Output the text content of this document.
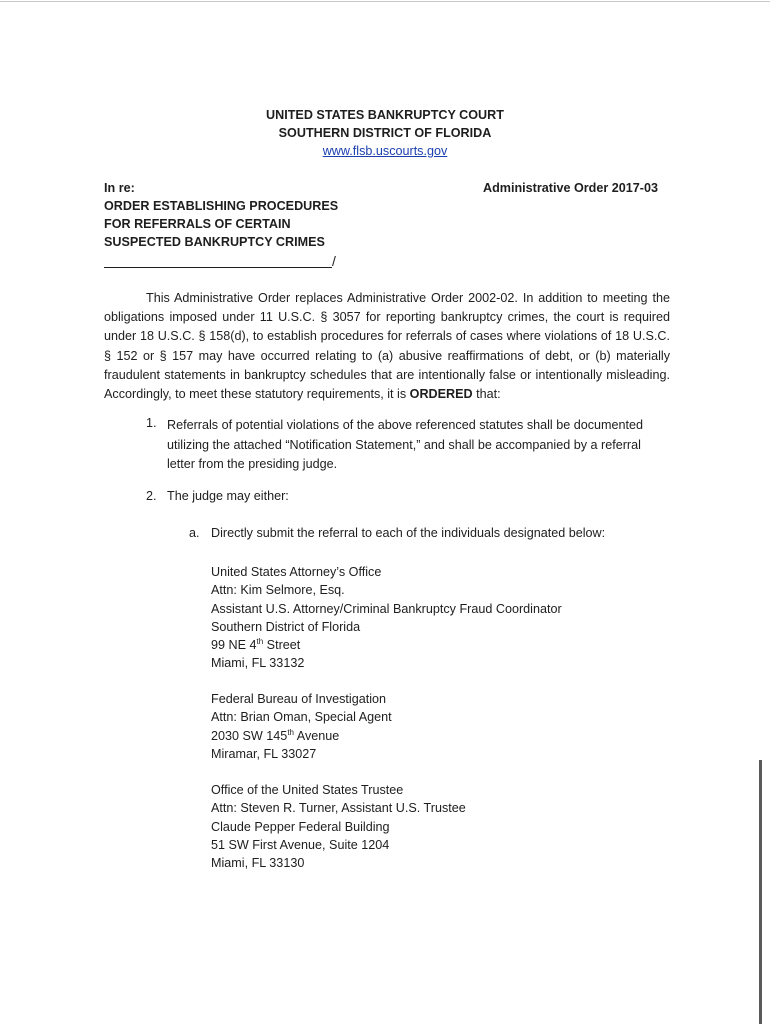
UNITED STATES BANKRUPTCY COURT
SOUTHERN DISTRICT OF FLORIDA
www.flsb.uscourts.gov
In re:	Administrative Order 2017-03
ORDER ESTABLISHING PROCEDURES
FOR REFERRALS OF CERTAIN
SUSPECTED BANKRUPTCY CRIMES
/

This Administrative Order replaces Administrative Order 2002-02. In addition to meeting the obligations imposed under 11 U.S.C. § 3057 for reporting bankruptcy crimes, the court is required under 18 U.S.C. § 158(d), to establish procedures for referrals of cases where violations of 18 U.S.C. § 152 or § 157 may have occurred relating to (a) abusive reaffirmations of debt, or (b) materially fraudulent statements in bankruptcy schedules that are intentionally false or intentionally misleading. Accordingly, to meet these statutory requirements, it is ORDERED that:

1. Referrals of potential violations of the above referenced statutes shall be documented
utilizing the attached “Notification Statement,” and shall be accompanied by a referral
letter from the presiding judge.
2. The judge may either:
a. Directly submit the referral to each of the individuals designated below:
United States Attorney’s Office
Attn: Kim Selmore, Esq.
Assistant U.S. Attorney/Criminal Bankruptcy Fraud Coordinator
Southern District of Florida
99 NE 4th Street
Miami, FL 33132
Federal Bureau of Investigation
Attn: Brian Oman, Special Agent
2030 SW 145th Avenue
Miramar, FL 33027
Office of the United States Trustee
Attn: Steven R. Turner, Assistant U.S. Trustee
Claude Pepper Federal Building
51 SW First Avenue, Suite 1204
Miami, FL 33130
